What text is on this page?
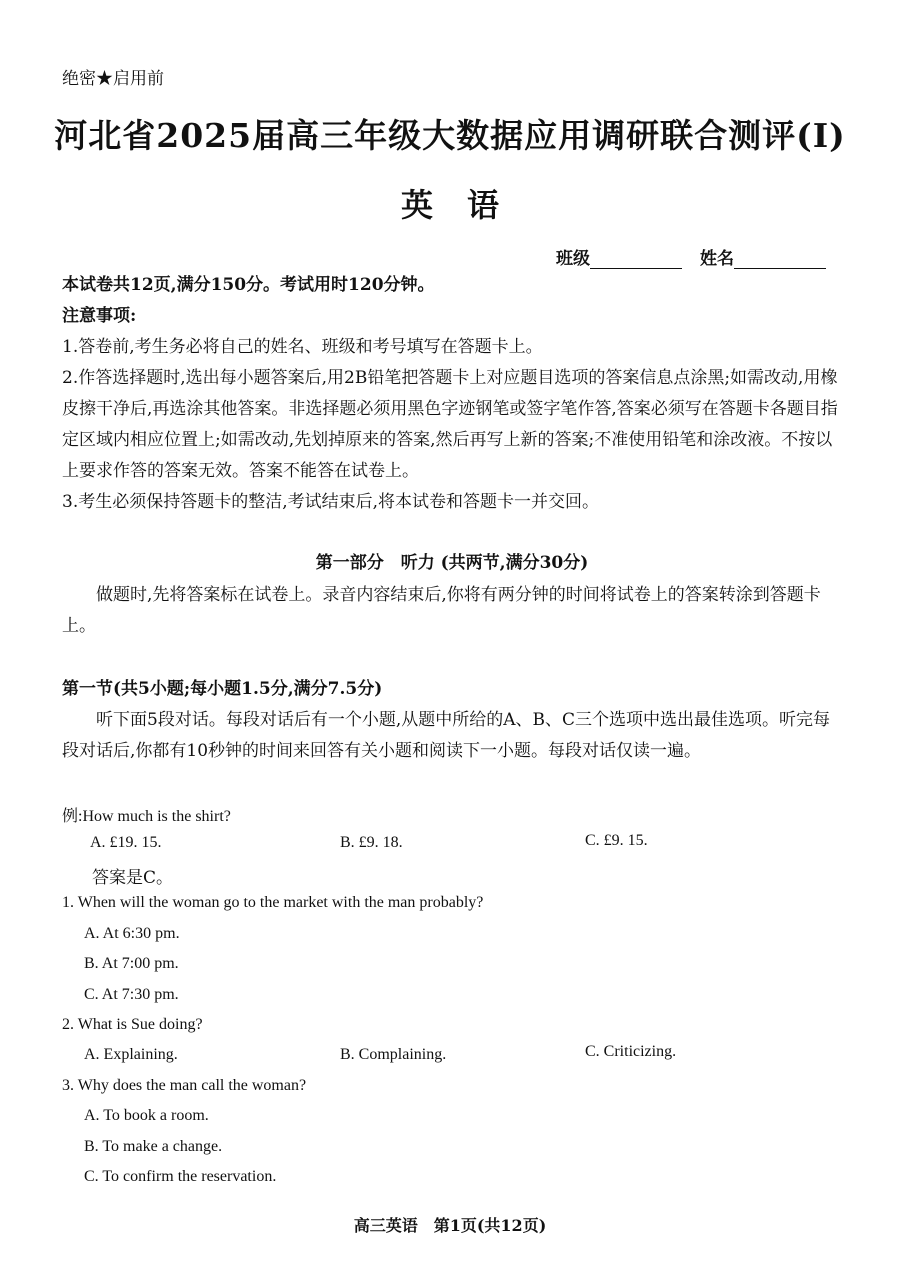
绝密★启用前
河北省2025届高三年级大数据应用调研联合测评(Ⅰ)
英语
班级	姓名

本试卷共12页,满分150分。考试用时120分钟。

注意事项:

1.答卷前,考生务必将自己的姓名、班级和考号填写在答题卡上。

2.作答选择题时,选出每小题答案后,用2B铅笔把答题卡上对应题目选项的答案信息点涂黑;如需改动,用橡皮擦干净后,再选涂其他答案。非选择题必须用黑色字迹钢笔或签字笔作答,答案必须写在答题卡各题目指定区域内相应位置上;如需改动,先划掉原来的答案,然后再写上新的答案;不准使用铅笔和涂改液。不按以上要求作答的答案无效。答案不能答在试卷上。

3.考生必须保持答题卡的整洁,考试结束后,将本试卷和答题卡一并交回。

第一部分　听力 (共两节,满分30分)
做题时,先将答案标在试卷上。录音内容结束后,你将有两分钟的时间将试卷上的答案转涂到答题卡上。
第一节(共5小题;每小题1.5分,满分7.5分)
听下面5段对话。每段对话后有一个小题,从题中所给的A、B、C三个选项中选出最佳选项。听完每段对话后,你都有10秒钟的时间来回答有关小题和阅读下一小题。每段对话仅读一遍。
例:How much is the shirt?
A. £19. 15.	B. £9. 18.	C. £9. 15.
答案是C。
1. When will the woman go to the market with the man probably?
A. At 6:30 pm.
B. At 7:00 pm.
C. At 7:30 pm.
2. What is Sue doing?
A. Explaining.	B. Complaining.	C. Criticizing.
3. Why does the man call the woman?
A. To book a room.
B. To make a change.
C. To confirm the reservation.
高三英语　第1页(共12页)
